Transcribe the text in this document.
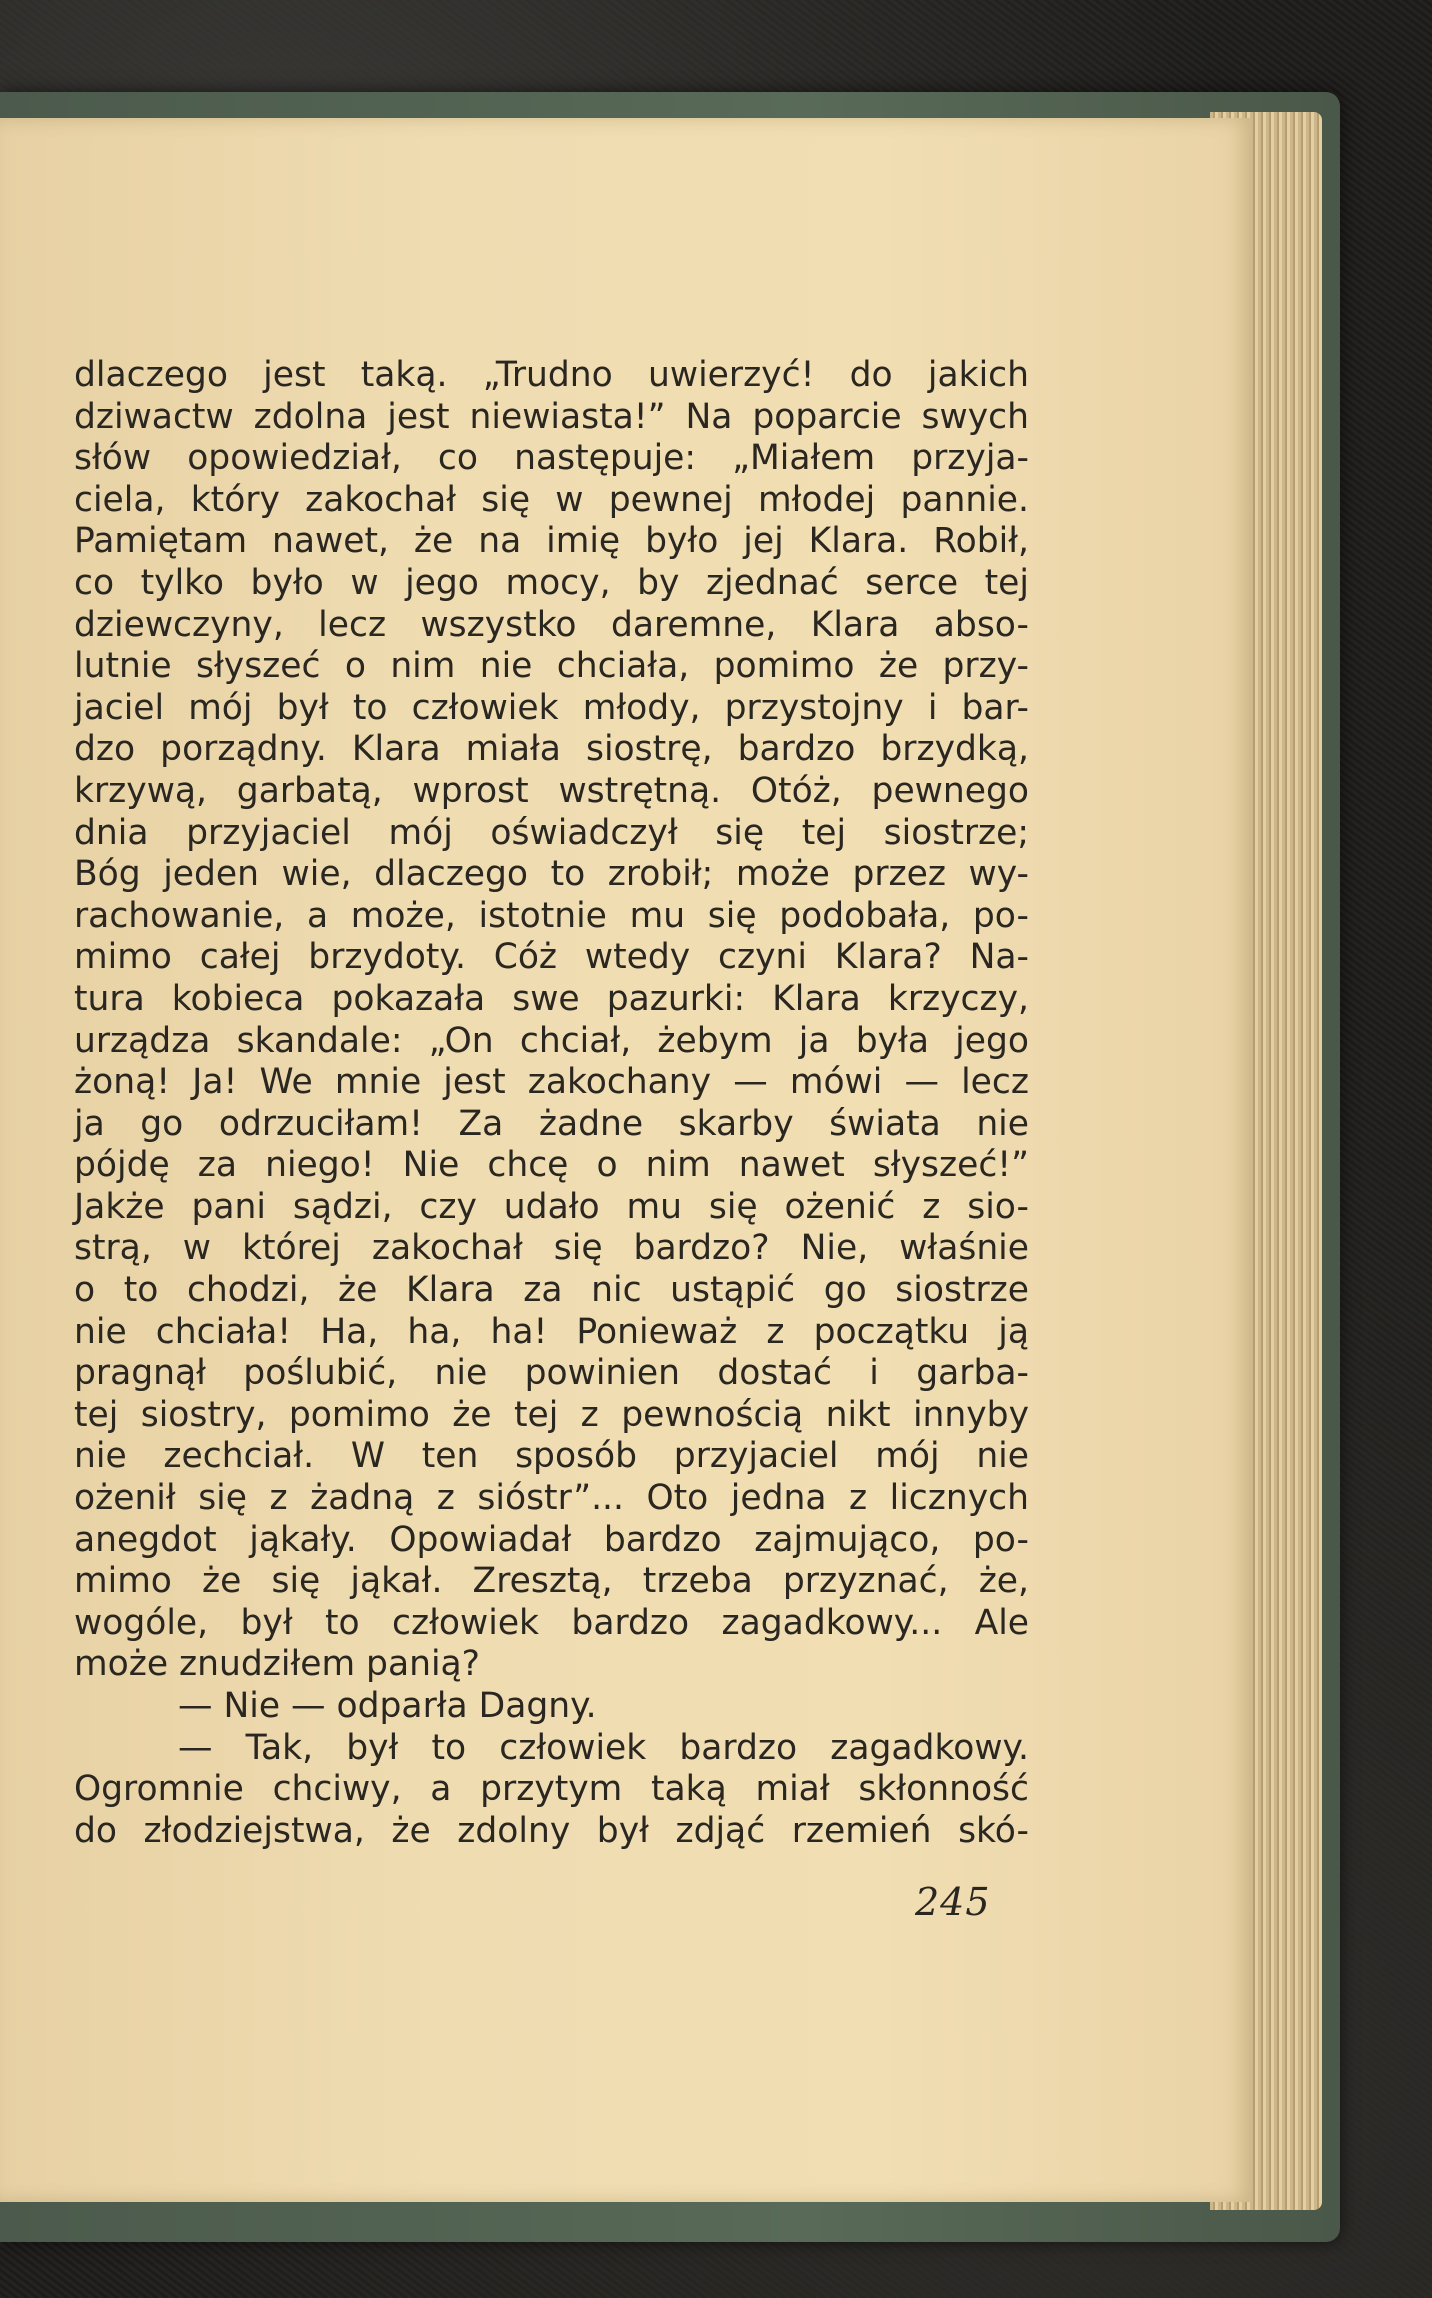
dlaczego jest taką. „Trudno uwierzyć! do jakich
dziwactw zdolna jest niewiasta!” Na poparcie swych
słów opowiedział, co następuje: „Miałem przyja-
ciela, który zakochał się w pewnej młodej pannie.
Pamiętam nawet, że na imię było jej Klara. Robił,
co tylko było w jego mocy, by zjednać serce tej
dziewczyny, lecz wszystko daremne, Klara abso-
lutnie słyszeć o nim nie chciała, pomimo że przy-
jaciel mój był to człowiek młody, przystojny i bar-
dzo porządny. Klara miała siostrę, bardzo brzydką,
krzywą, garbatą, wprost wstrętną. Otóż, pewnego
dnia przyjaciel mój oświadczył się tej siostrze;
Bóg jeden wie, dlaczego to zrobił; może przez wy-
rachowanie, a może, istotnie mu się podobała, po-
mimo całej brzydoty. Cóż wtedy czyni Klara? Na-
tura kobieca pokazała swe pazurki: Klara krzyczy,
urządza skandale: „On chciał, żebym ja była jego
żoną! Ja! We mnie jest zakochany — mówi — lecz
ja go odrzuciłam! Za żadne skarby świata nie
pójdę za niego! Nie chcę o nim nawet słyszeć!”
Jakże pani sądzi, czy udało mu się ożenić z sio-
strą, w której zakochał się bardzo? Nie, właśnie
o to chodzi, że Klara za nic ustąpić go siostrze
nie chciała! Ha, ha, ha! Ponieważ z początku ją
pragnął poślubić, nie powinien dostać i garba-
tej siostry, pomimo że tej z pewnością nikt innyby
nie zechciał. W ten sposób przyjaciel mój nie
ożenił się z żadną z sióstr”... Oto jedna z licznych
anegdot jąkały. Opowiadał bardzo zajmująco, po-
mimo że się jąkał. Zresztą, trzeba przyznać, że,
wogóle, był to człowiek bardzo zagadkowy... Ale
może znudziłem panią?
— Nie — odparła Dagny.
— Tak, był to człowiek bardzo zagadkowy.
Ogromnie chciwy, a przytym taką miał skłonność
do złodziejstwa, że zdolny był zdjąć rzemień skó-
245
